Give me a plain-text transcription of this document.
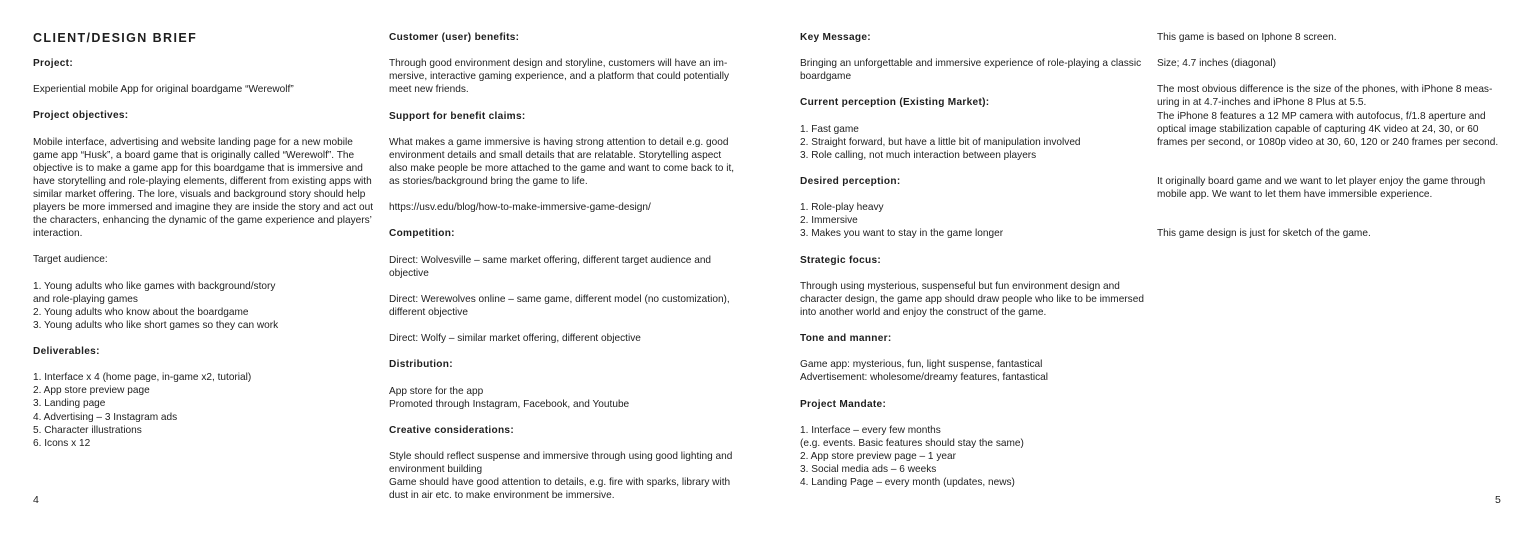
CLIENT/DESIGN BRIEF
Project:

Experiential mobile App for original boardgame “Werewolf”

Project objectives:

Mobile interface, advertising and website landing page for a new mobile
game app “Husk”, a board game that is originally called “Werewolf”. The
objective is to make a game app for this boardgame that is immersive and
have storytelling and role-playing elements, different from existing apps with
similar market offering. The lore, visuals and background story should help
players be more immersed and imagine they are inside the story and act out
the characters, enhancing the dynamic of the game experience and players’
interaction.

Target audience:

1. Young adults who like games with background/story
and role-playing games
2. Young adults who know about the boardgame
3. Young adults who like short games so they can work

Deliverables:

1. Interface x 4 (home page, in-game x2, tutorial)
2. App store preview page
3. Landing page
4. Advertising – 3 Instagram ads
5. Character illustrations
6. Icons x 12

Customer (user) benefits:

Through good environment design and storyline, customers will have an im-
mersive, interactive gaming experience, and a platform that could potentially
meet new friends.

Support for benefit claims:

What makes a game immersive is having strong attention to detail e.g. good
environment details and small details that are relatable. Storytelling aspect
also make people be more attached to the game and want to come back to it,
as stories/background bring the game to life.

https://usv.edu/blog/how-to-make-immersive-game-design/

Competition:

Direct: Wolvesville – same market offering, different target audience and
objective

Direct: Werewolves online – same game, different model (no customization),
different objective

Direct: Wolfy – similar market offering, different objective

Distribution:

App store for the app
Promoted through Instagram, Facebook, and Youtube

Creative considerations:

Style should reflect suspense and immersive through using good lighting and
environment building
Game should have good attention to details, e.g. fire with sparks, library with
dust in air etc. to make environment be immersive.

4
Key Message:

Bringing an unforgettable and immersive experience of role-playing a classic
boardgame

Current perception (Existing Market):

1. Fast game
2. Straight forward, but have a little bit of manipulation involved
3. Role calling, not much interaction between players

Desired perception:

1. Role-play heavy
2. Immersive
3. Makes you want to stay in the game longer

Strategic focus:

Through using mysterious, suspenseful but fun environment design and
character design, the game app should draw people who like to be immersed
into another world and enjoy the construct of the game.

Tone and manner:

Game app: mysterious, fun, light suspense, fantastical
Advertisement: wholesome/dreamy features, fantastical

Project Mandate:

1. Interface – every few months
(e.g. events. Basic features should stay the same)
2. App store preview page – 1 year
3. Social media ads – 6 weeks
4. Landing Page – every month (updates, news)

This game is based on Iphone 8 screen.

Size; 4.7 inches (diagonal)

The most obvious difference is the size of the phones, with iPhone 8 meas-
uring in at 4.7-inches and iPhone 8 Plus at 5.5.
The iPhone 8 features a 12 MP camera with autofocus, f/1.8 aperture and
optical image stabilization capable of capturing 4K video at 24, 30, or 60
frames per second, or 1080p video at 30, 60, 120 or 240 frames per second.

It originally board game and we want to let player enjoy the game through
mobile app. We want to let them have immersible experience.

This game design is just for sketch of the game.

5
